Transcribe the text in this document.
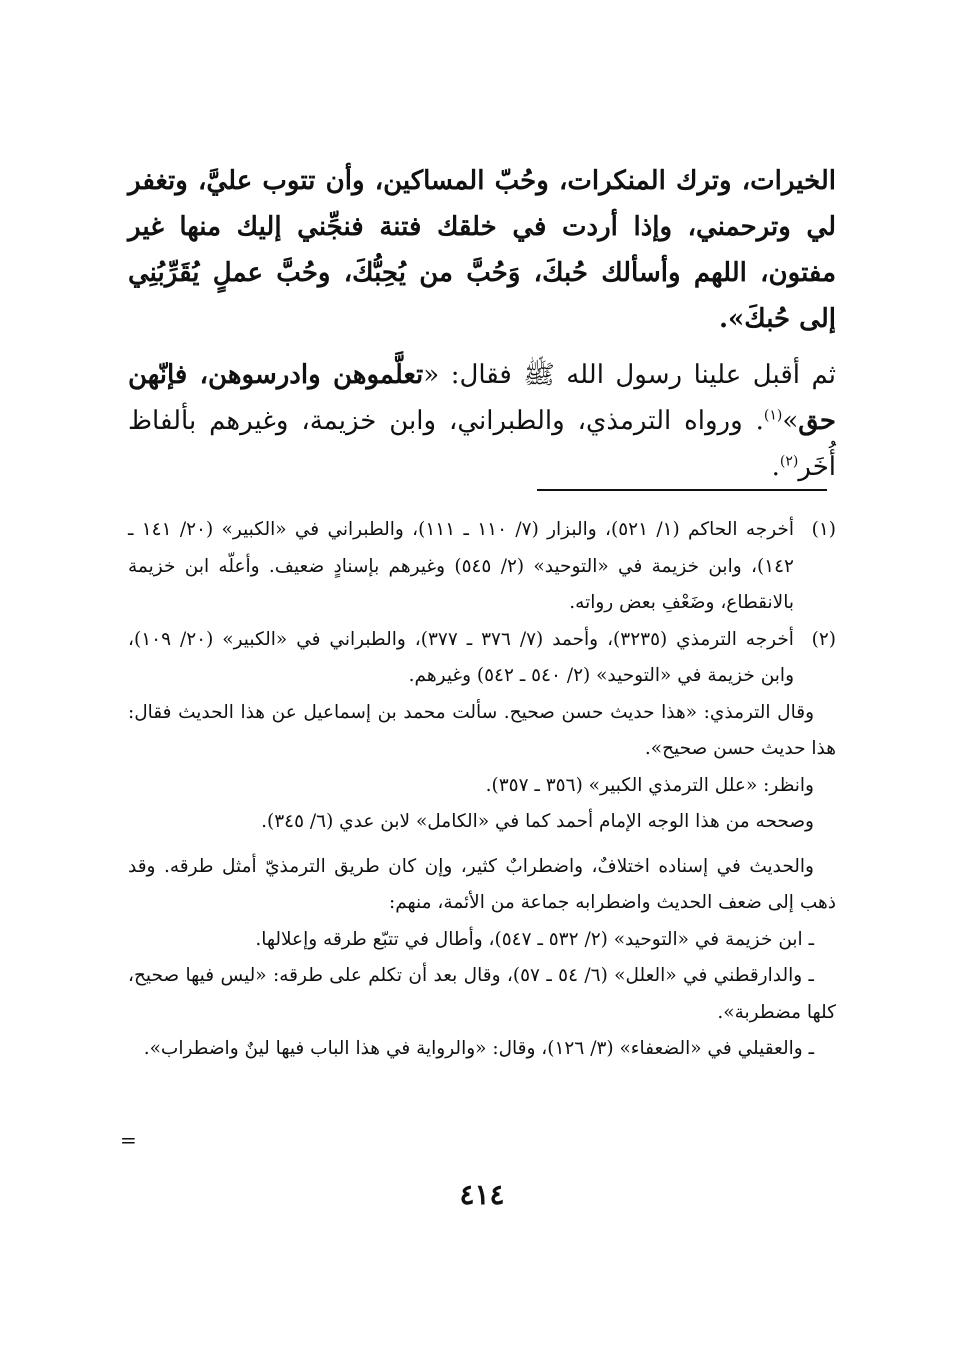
الخيرات، وترك المنكرات، وحُبّ المساكين، وأن تتوب عليَّ، وتغفر لي وترحمني، وإذا أردت في خلقك فتنة فنجِّني إليك منها غير مفتون، اللهم وأسألك حُبكَ، وَحُبَّ من يُحِبُّكَ، وحُبَّ عملٍ يُقَرِّبُنِي إلى حُبكَ».

ثم أقبل علينا رسول الله ﷺ فقال: «تعلَّموهن وادرسوهن، فإنّهن حق»$^{(١)}$. ورواه الترمذي، والطبراني، وابن خزيمة، وغيرهم بألفاظ أُخَر$^{(٢)}$.

(١)

أخرجه الحاكم (١/ ٥٢١)، والبزار (٧/ ١١٠ ـ ١١١)، والطبراني في «الكبير» (٢٠/ ١٤١ ـ ١٤٢)، وابن خزيمة في «التوحيد» (٢/ ٥٤٥) وغيرهم بإسنادٍ ضعيف. وأعلّه ابن خزيمة بالانقطاع، وضَعْفِ بعض رواته.

(٢)

أخرجه الترمذي (٣٢٣٥)، وأحمد (٧/ ٣٧٦ ـ ٣٧٧)، والطبراني في «الكبير» (٢٠/ ١٠٩)، وابن خزيمة في «التوحيد» (٢/ ٥٤٠ ـ ٥٤٢) وغيرهم.

وقال الترمذي: «هذا حديث حسن صحيح. سألت محمد بن إسماعيل عن هذا الحديث فقال: هذا حديث حسن صحيح».

وانظر: «علل الترمذي الكبير» (٣٥٦ ـ ٣٥٧).

وصححه من هذا الوجه الإمام أحمد كما في «الكامل» لابن عدي (٦/ ٣٤٥).

والحديث في إسناده اختلافٌ، واضطرابٌ كثير، وإن كان طريق الترمذيّ أمثل طرقه. وقد ذهب إلى ضعف الحديث واضطرابه جماعة من الأئمة، منهم:

ـ ابن خزيمة في «التوحيد» (٢/ ٥٣٢ ـ ٥٤٧)، وأطال في تتبّع طرقه وإعلالها.

ـ والدارقطني في «العلل» (٦/ ٥٤ ـ ٥٧)، وقال بعد أن تكلم على طرقه: «ليس فيها صحيح، كلها مضطربة».

ـ والعقيلي في «الضعفاء» (٣/ ١٢٦)، وقال: «والرواية في هذا الباب فيها لينٌ واضطراب».

=
٤١٤
